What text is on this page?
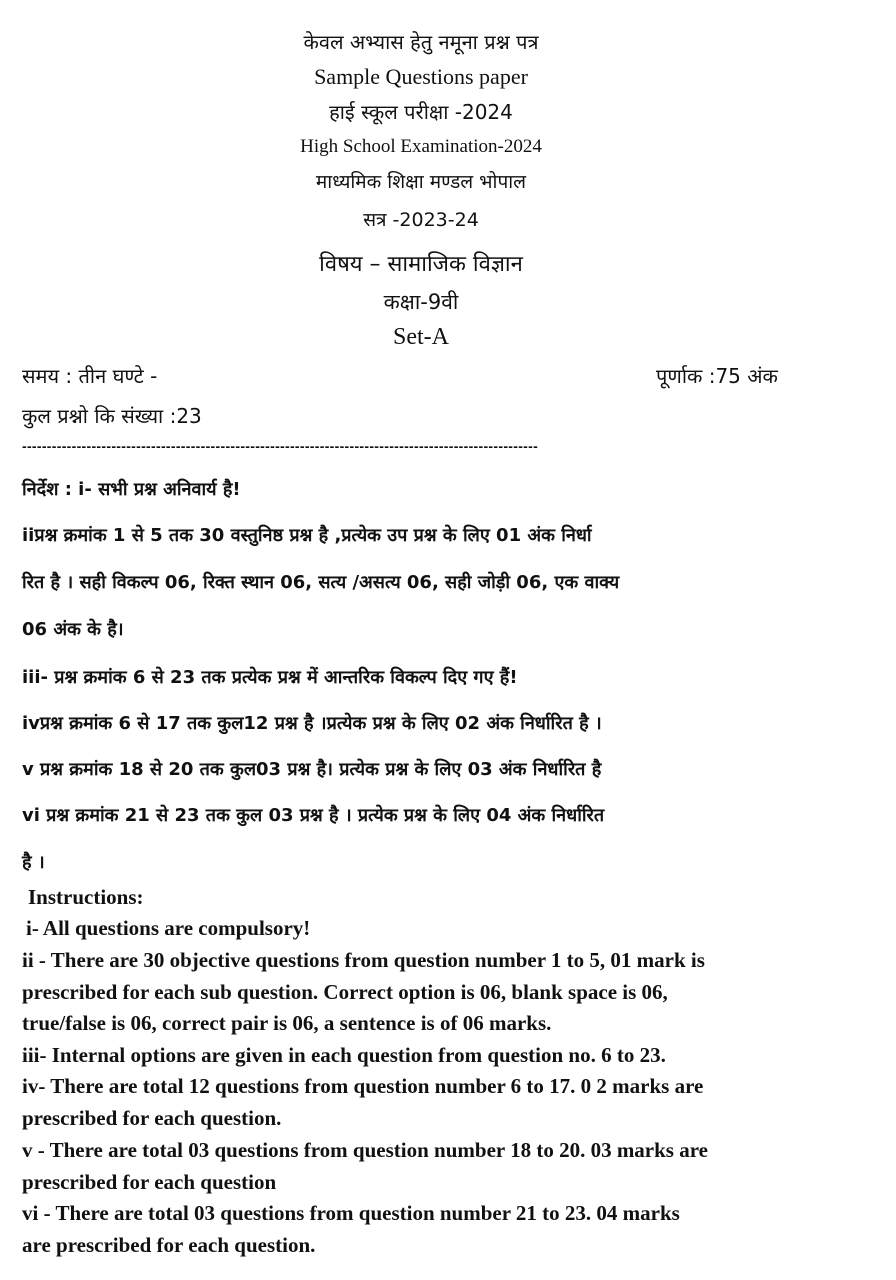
केवल अभ्यास हेतु नमूना प्रश्न पत्र
Sample Questions paper
हाई स्कूल परीक्षा -2024
High School Examination-2024
माध्यमिक शिक्षा मण्डल भोपाल
सत्र -2023-24
विषय – सामाजिक विज्ञान
कक्षा-9वी
Set-A
समय : तीन घण्टे -	पूर्णाक :75 अंक
कुल प्रश्नो कि संख्या :23
--------------------------------------------------------------------------------------------------------

निर्देश : i- सभी प्रश्न अनिवार्य है!

iiप्रश्न क्रमांक 1 से 5 तक 30 वस्तुनिष्ठ प्रश्न है ,प्रत्येक उप प्रश्न के लिए 01 अंक निर्धा

रित है । सही विकल्प 06, रिक्त स्थान 06, सत्य /असत्य 06, सही जोड़ी 06, एक वाक्य

06 अंक के है।

iii- प्रश्न क्रमांक 6 से 23 तक प्रत्येक प्रश्न में आन्तरिक विकल्प दिए गए हैं!

ivप्रश्न क्रमांक 6 से 17 तक कुल12 प्रश्न है ।प्रत्येक प्रश्न के लिए 02 अंक निर्धारित है ।

v प्रश्न क्रमांक 18 से 20 तक कुल03 प्रश्न है। प्रत्येक प्रश्न के लिए 03 अंक निर्धारित है

vi प्रश्न क्रमांक 21 से 23 तक कुल 03 प्रश्न है । प्रत्येक प्रश्न के लिए 04 अंक निर्धारित

है ।

Instructions:

i- All questions are compulsory!

ii - There are 30 objective questions from question number 1 to 5, 01 mark is

prescribed for each sub question. Correct option is 06, blank space is 06,

true/false is 06, correct pair is 06, a sentence is of 06 marks.

iii- Internal options are given in each question from question no. 6 to 23.

iv- There are total 12 questions from question number 6 to 17. 0 2 marks are

prescribed for each question.

v - There are total 03 questions from question number 18 to 20. 03 marks are

prescribed for each question

vi - There are total 03 questions from question number 21 to 23. 04 marks

are prescribed for each question.
